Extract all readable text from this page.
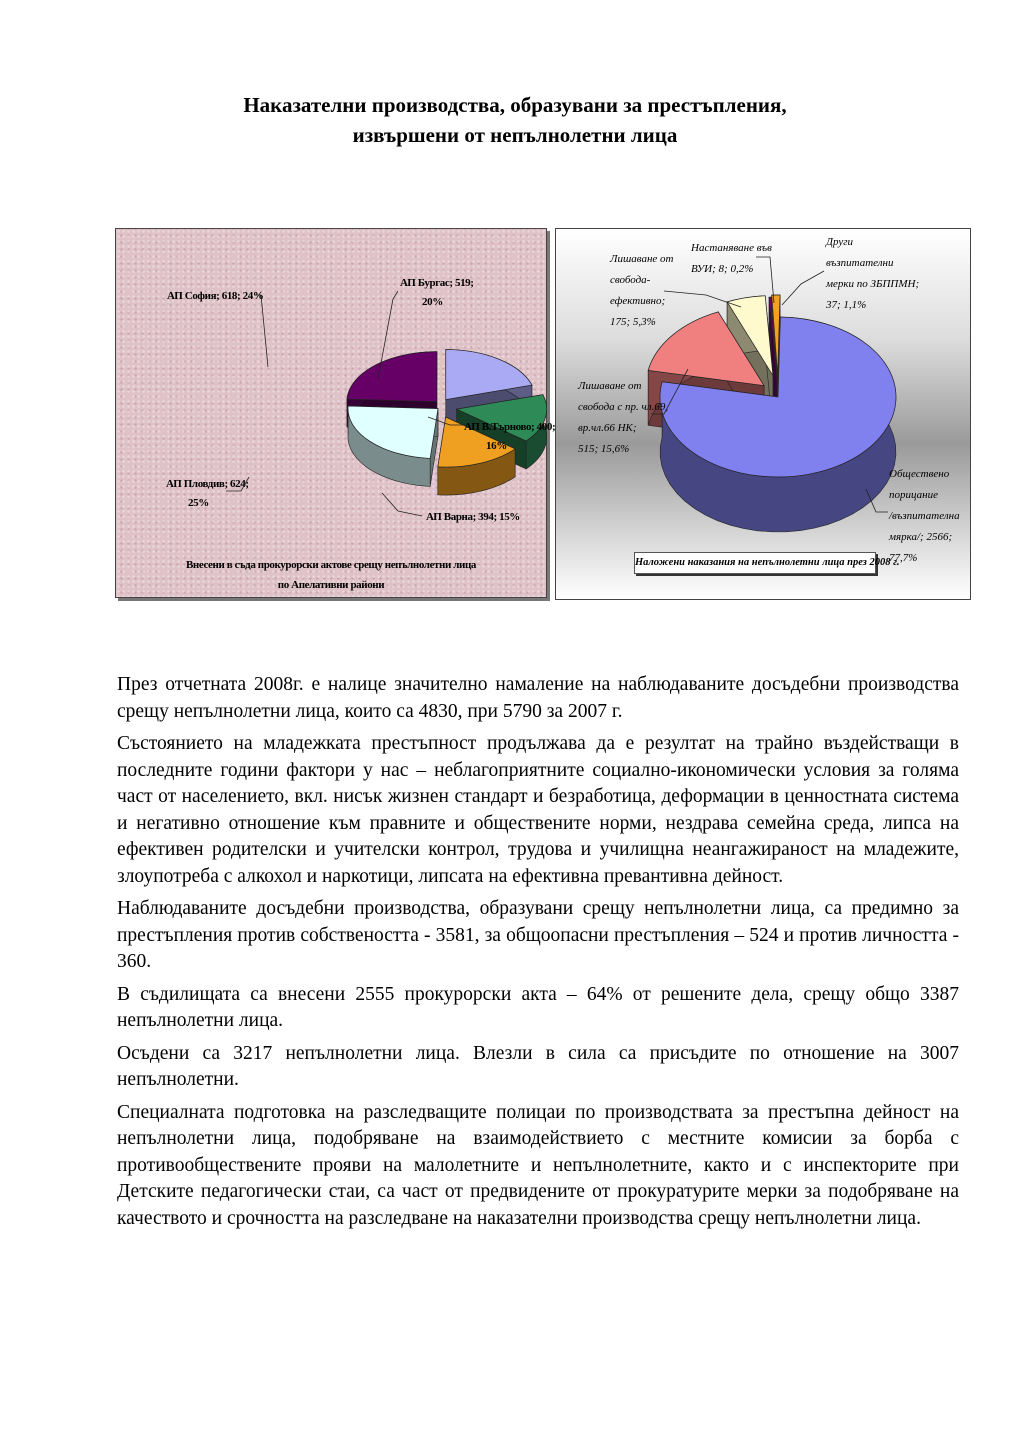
Наказателни производства, образувани за престъпления,
извършени от непълнолетни лица
АП Бургас; 519;
20%
АП В.Търново; 400;
16%
АП Варна; 394; 15%
АП Пловдив; 624;
25%
АП София; 618; 24%
Внесени в съда прокурорски актове срещу непълнолетни лица
по Апелативни райони
Обществено
порицание
/възпитателна
мярка/; 2566;
77,7%
Лишаване от
свобода с пр. чл.69,
вр.чл.66 НК;
515; 15,6%
Лишаване от
свобода-
ефективно;
175; 5,3%
Настаняване във
ВУИ; 8; 0,2%
Други
възпитателни
мерки по ЗБППМН;
37; 1,1%
Наложени наказания на непълнолетни лица през 2008 г.

През отчетната 2008г. е налице значително намаление на наблюдаваните досъдебни производства срещу непълнолетни лица, които са 4830, при 5790 за 2007 г.

Състоянието на младежката престъпност продължава да е резултат на трайно въздействащи в последните години фактори у нас – неблагоприятните социално-икономически условия за голяма част от населението, вкл. нисък жизнен стандарт и безработица, деформации в ценностната система и негативно отношение към правните и обществените норми, нездрава семейна среда, липса на ефективен родителски и учителски контрол, трудова и училищна неангажираност на младежите, злоупотреба с алкохол и наркотици, липсата на ефективна превантивна дейност.

Наблюдаваните досъдебни производства, образувани срещу непълнолетни лица, са предимно за престъпления против собствеността - 3581, за общоопасни престъпления – 524 и против личността - 360.

В съдилищата са внесени 2555 прокурорски акта – 64% от решените дела, срещу общо 3387 непълнолетни лица.

Осъдени са 3217 непълнолетни лица. Влезли в сила са присъдите по отношение на 3007 непълнолетни.

Специалната подготовка на разследващите полицаи по производствата за престъпна дейност на непълнолетни лица, подобряване на взаимодействието с местните комисии за борба с противообществените прояви на малолетните и непълнолетните, както и с инспекторите при Детските педагогически стаи, са част от предвидените от прокуратурите мерки за подобряване на качеството и срочността на разследване на наказателни производства срещу непълнолетни лица.
